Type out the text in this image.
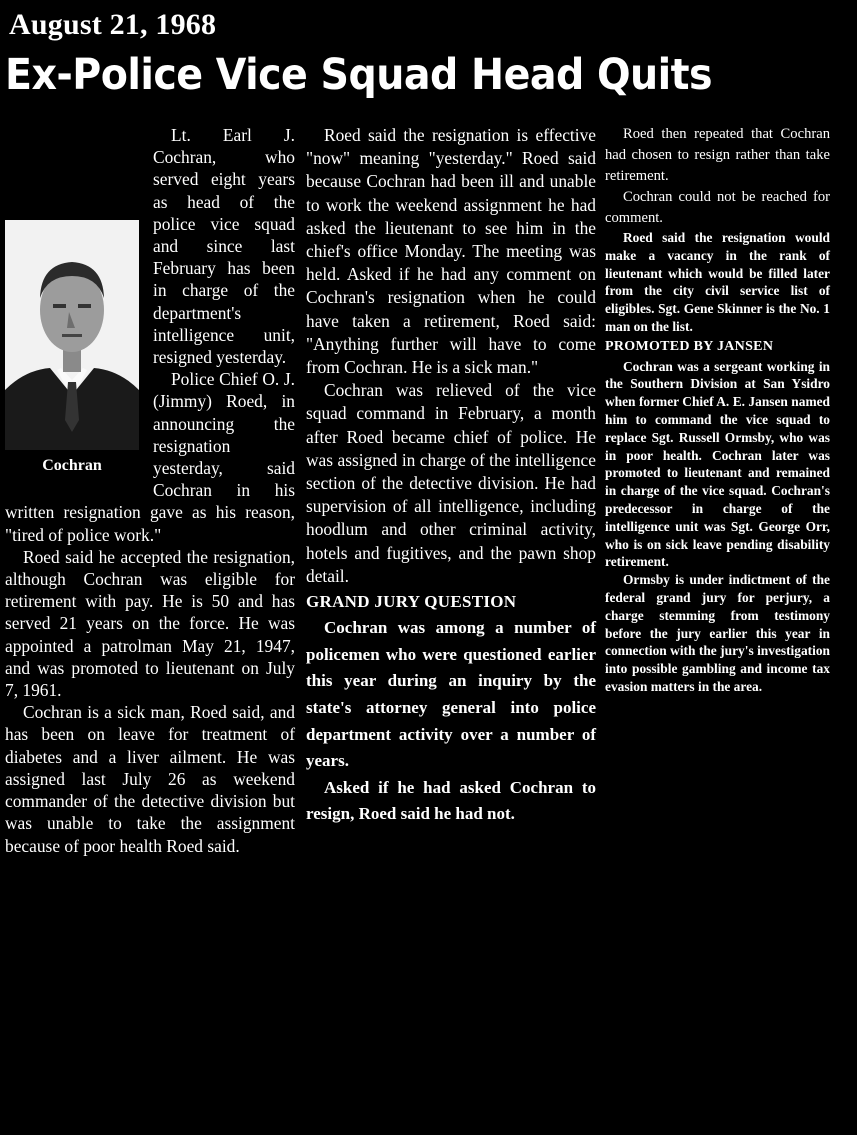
August 21, 1968
Ex-Police Vice Squad Head Quits
Cochran

Lt. Earl J. Cochran, who served eight years as head of the police vice squad and since last February has been in charge of the department's intelligence unit, resigned yesterday.

Police Chief O. J. (Jimmy) Roed, in announcing the resignation yesterday, said Cochran in his written resignation gave as his reason, "tired of police work."

Roed said he accepted the resignation, although Cochran was eligible for retirement with pay. He is 50 and has served 21 years on the force. He was appointed a patrolman May 21, 1947, and was promoted to lieutenant on July 7, 1961.

Cochran is a sick man, Roed said, and has been on leave for treatment of diabetes and a liver ailment. He was assigned last July 26 as weekend commander of the detective division but was unable to take the assignment because of poor health Roed said.

Roed said the resignation is effective "now" meaning "yesterday." Roed said because Cochran had been ill and unable to work the weekend assignment he had asked the lieutenant to see him in the chief's office Monday. The meeting was held. Asked if he had any comment on Cochran's resignation when he could have taken a retirement, Roed said: "Anything further will have to come from Cochran. He is a sick man."

Cochran was relieved of the vice squad command in February, a month after Roed became chief of police. He was assigned in charge of the intelligence section of the detective division. He had supervision of all intelligence, including hoodlum and other criminal activity, hotels and fugitives, and the pawn shop detail.

GRAND JURY QUESTION

Cochran was among a number of policemen who were questioned earlier this year during an inquiry by the state's attorney general into police department activity over a number of years.

Asked if he had asked Cochran to resign, Roed said he had not.

Roed then repeated that Cochran had chosen to resign rather than take retirement.

Cochran could not be reached for comment.

Roed said the resignation would make a vacancy in the rank of lieutenant which would be filled later from the city civil service list of eligibles. Sgt. Gene Skinner is the No. 1 man on the list.

PROMOTED BY JANSEN

Cochran was a sergeant working in the Southern Division at San Ysidro when former Chief A. E. Jansen named him to command the vice squad to replace Sgt. Russell Ormsby, who was in poor health. Cochran later was promoted to lieutenant and remained in charge of the vice squad. Cochran's predecessor in charge of the intelligence unit was Sgt. George Orr, who is on sick leave pending disability retirement.

Ormsby is under indictment of the federal grand jury for perjury, a charge stemming from testimony before the jury earlier this year in connection with the jury's investigation into possible gambling and income tax evasion matters in the area.
